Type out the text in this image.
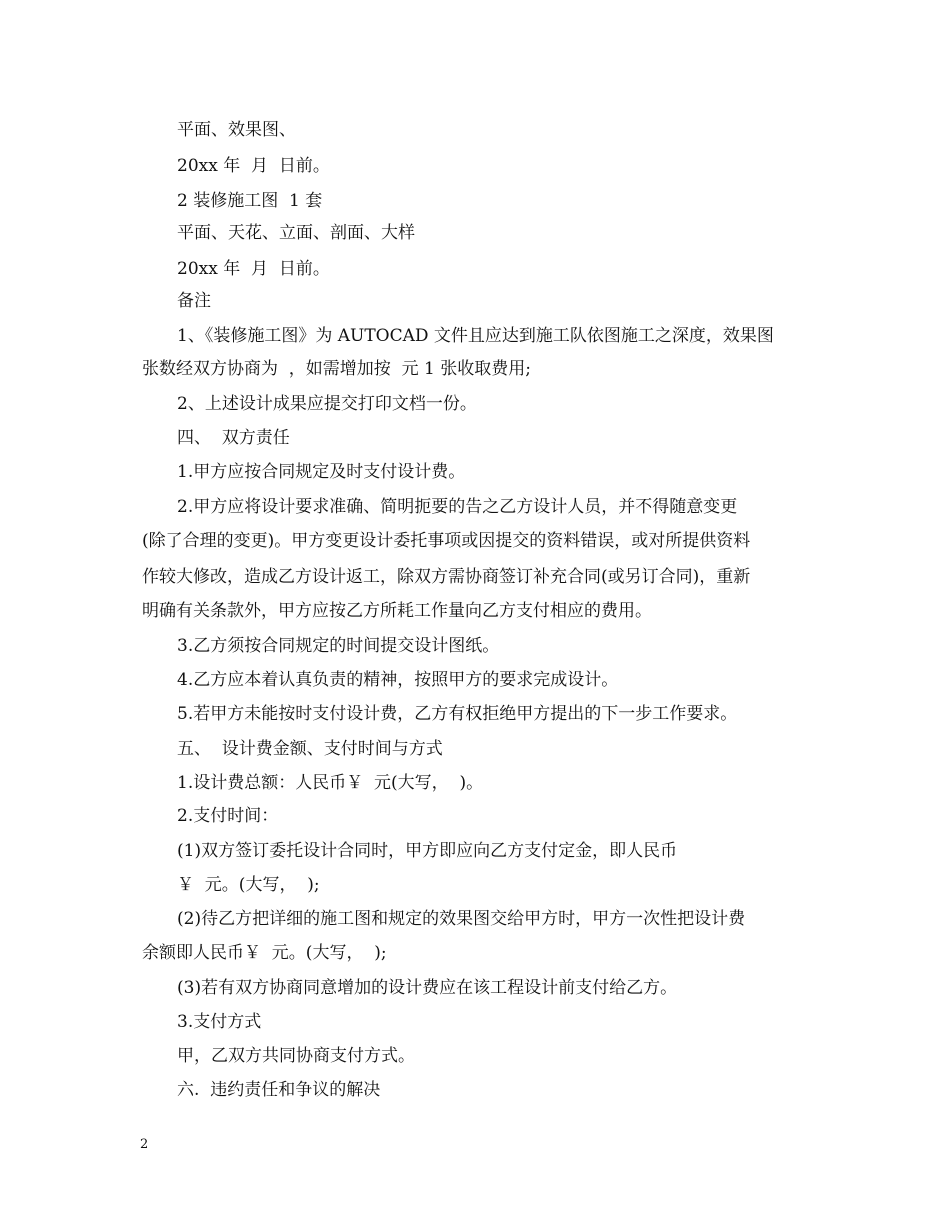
平面、效果图、
20xx 年  月  日前。
2 装修施工图  1 套
平面、天花、立面、剖面、大样
20xx 年  月  日前。
备注
1、《装修施工图》为 AUTOCAD 文件且应达到施工队依图施工之深度，效果图
张数经双方协商为  ，如需增加按  元 1 张收取费用;
2、上述设计成果应提交打印文档一份。
四、  双方责任
1.甲方应按合同规定及时支付设计费。
2.甲方应将设计要求准确、简明扼要的告之乙方设计人员，并不得随意变更
(除了合理的变更)。甲方变更设计委托事项或因提交的资料错误，或对所提供资料
作较大修改，造成乙方设计返工，除双方需协商签订补充合同(或另订合同)，重新
明确有关条款外，甲方应按乙方所耗工作量向乙方支付相应的费用。
3.乙方须按合同规定的时间提交设计图纸。
4.乙方应本着认真负责的精神，按照甲方的要求完成设计。
5.若甲方未能按时支付设计费，乙方有权拒绝甲方提出的下一步工作要求。
五、  设计费金额、支付时间与方式
1.设计费总额：人民币￥  元(大写，  )。
2.支付时间：
(1)双方签订委托设计合同时，甲方即应向乙方支付定金，即人民币
￥  元。(大写，  );
(2)待乙方把详细的施工图和规定的效果图交给甲方时，甲方一次性把设计费
余额即人民币￥  元。(大写，  );
(3)若有双方协商同意增加的设计费应在该工程设计前支付给乙方。
3.支付方式
甲，乙双方共同协商支付方式。
六.  违约责任和争议的解决
2
